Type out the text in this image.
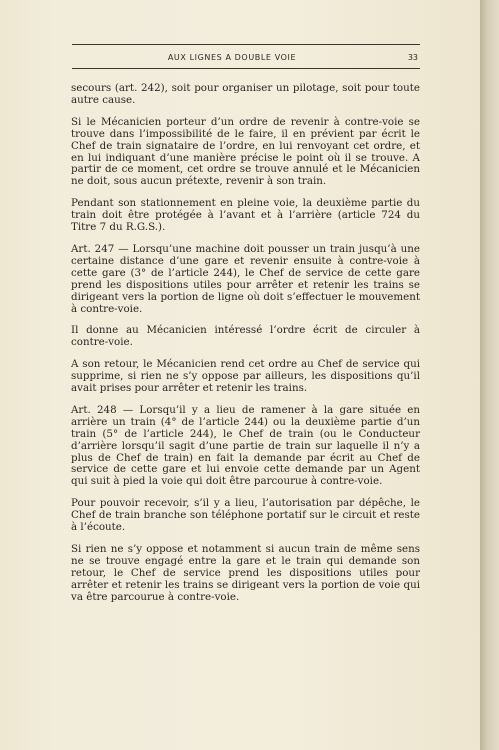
AUX LIGNES A DOUBLE VOIE	33

secours (art. 242), soit pour organiser un pilotage, soit pour toute autre cause.

Si le Mécanicien porteur d’un ordre de revenir à contre-voie se trouve dans l’impossibilité de le faire, il en prévient par écrit le Chef de train signataire de l’ordre, en lui renvoyant cet ordre, et en lui indiquant d’une manière précise le point où il se trouve. A partir de ce moment, cet ordre se trouve annulé et le Mécanicien ne doit, sous aucun prétexte, revenir à son train.

Pendant son stationnement en pleine voie, la deuxième partie du train doit être protégée à l’avant et à l’arrière (article 724 du Titre 7 du R.G.S.).

Art. 247 — Lorsqu’une machine doit pousser un train jusqu’à une certaine distance d’une gare et revenir ensuite à contre-voie à cette gare (3° de l’article 244), le Chef de service de cette gare prend les dispositions utiles pour arrêter et retenir les trains se dirigeant vers la portion de ligne où doit s’effectuer le mouvement à contre-voie.

Il donne au Mécanicien intéressé l’ordre écrit de circuler à contre-voie.

A son retour, le Mécanicien rend cet ordre au Chef de service qui supprime, si rien ne s’y oppose par ailleurs, les dispositions qu’il avait prises pour arrêter et retenir les trains.

Art. 248 — Lorsqu’il y a lieu de ramener à la gare située en arrière un train (4° de l’article 244) ou la deuxième partie d’un train (5° de l’article 244), le Chef de train (ou le Conducteur d’arrière lorsqu’il sagit d’une partie de train sur laquelle il n’y a plus de Chef de train) en fait la demande par écrit au Chef de service de cette gare et lui envoie cette demande par un Agent qui suit à pied la voie qui doit être parcourue à contre-voie.

Pour pouvoir recevoir, s’il y a lieu, l’autorisation par dépêche, le Chef de train branche son téléphone portatif sur le circuit et reste à l’écoute.

Si rien ne s’y oppose et notamment si aucun train de même sens ne se trouve engagé entre la gare et le train qui demande son retour, le Chef de service prend les dispositions utiles pour arrêter et retenir les trains se dirigeant vers la portion de voie qui va être parcourue à contre-voie.
